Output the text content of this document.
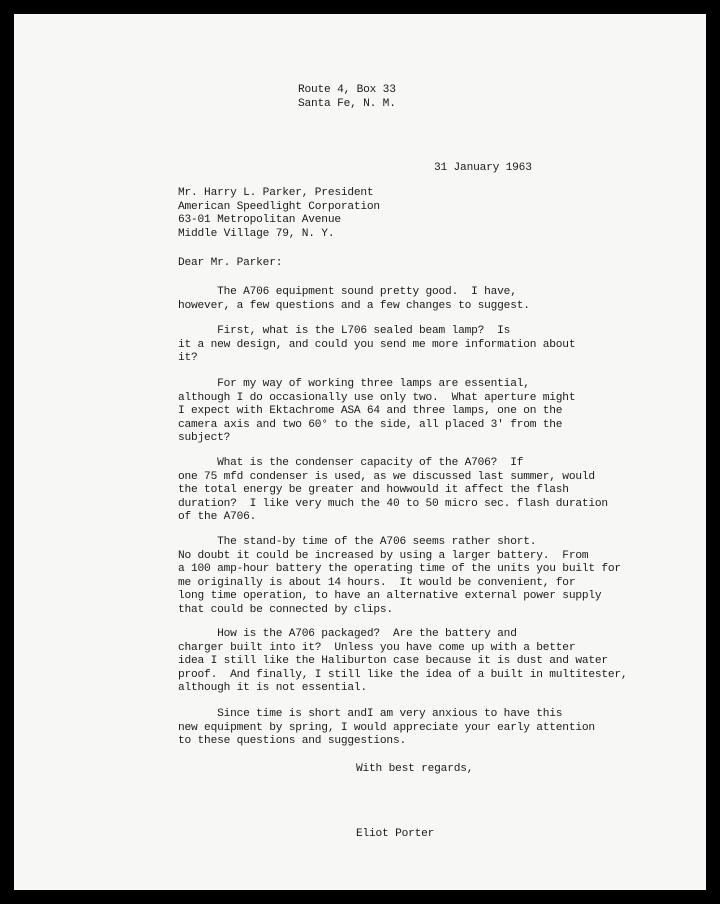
Route 4, Box 33
Santa Fe, N. M.
31 January 1963
Mr. Harry L. Parker, President
American Speedlight Corporation
63-01 Metropolitan Avenue
Middle Village 79, N. Y.
Dear Mr. Parker:
The A706 equipment sound pretty good.  I have,
however, a few questions and a few changes to suggest.
First, what is the L706 sealed beam lamp?  Is
it a new design, and could you send me more information about
it?
For my way of working three lamps are essential,
although I do occasionally use only two.  What aperture might
I expect with Ektachrome ASA 64 and three lamps, one on the
camera axis and two 60° to the side, all placed 3' from the
subject?
What is the condenser capacity of the A706?  If
one 75 mfd condenser is used, as we discussed last summer, would
the total energy be greater and howwould it affect the flash
duration?  I like very much the 40 to 50 micro sec. flash duration
of the A706.
The stand-by time of the A706 seems rather short.
No doubt it could be increased by using a larger battery.  From
a 100 amp-hour battery the operating time of the units you built for
me originally is about 14 hours.  It would be convenient, for
long time operation, to have an alternative external power supply
that could be connected by clips.
How is the A706 packaged?  Are the battery and
charger built into it?  Unless you have come up with a better
idea I still like the Haliburton case because it is dust and water
proof.  And finally, I still like the idea of a built in multitester,
although it is not essential.
Since time is short andI am very anxious to have this
new equipment by spring, I would appreciate your early attention
to these questions and suggestions.
With best regards,
Eliot Porter
